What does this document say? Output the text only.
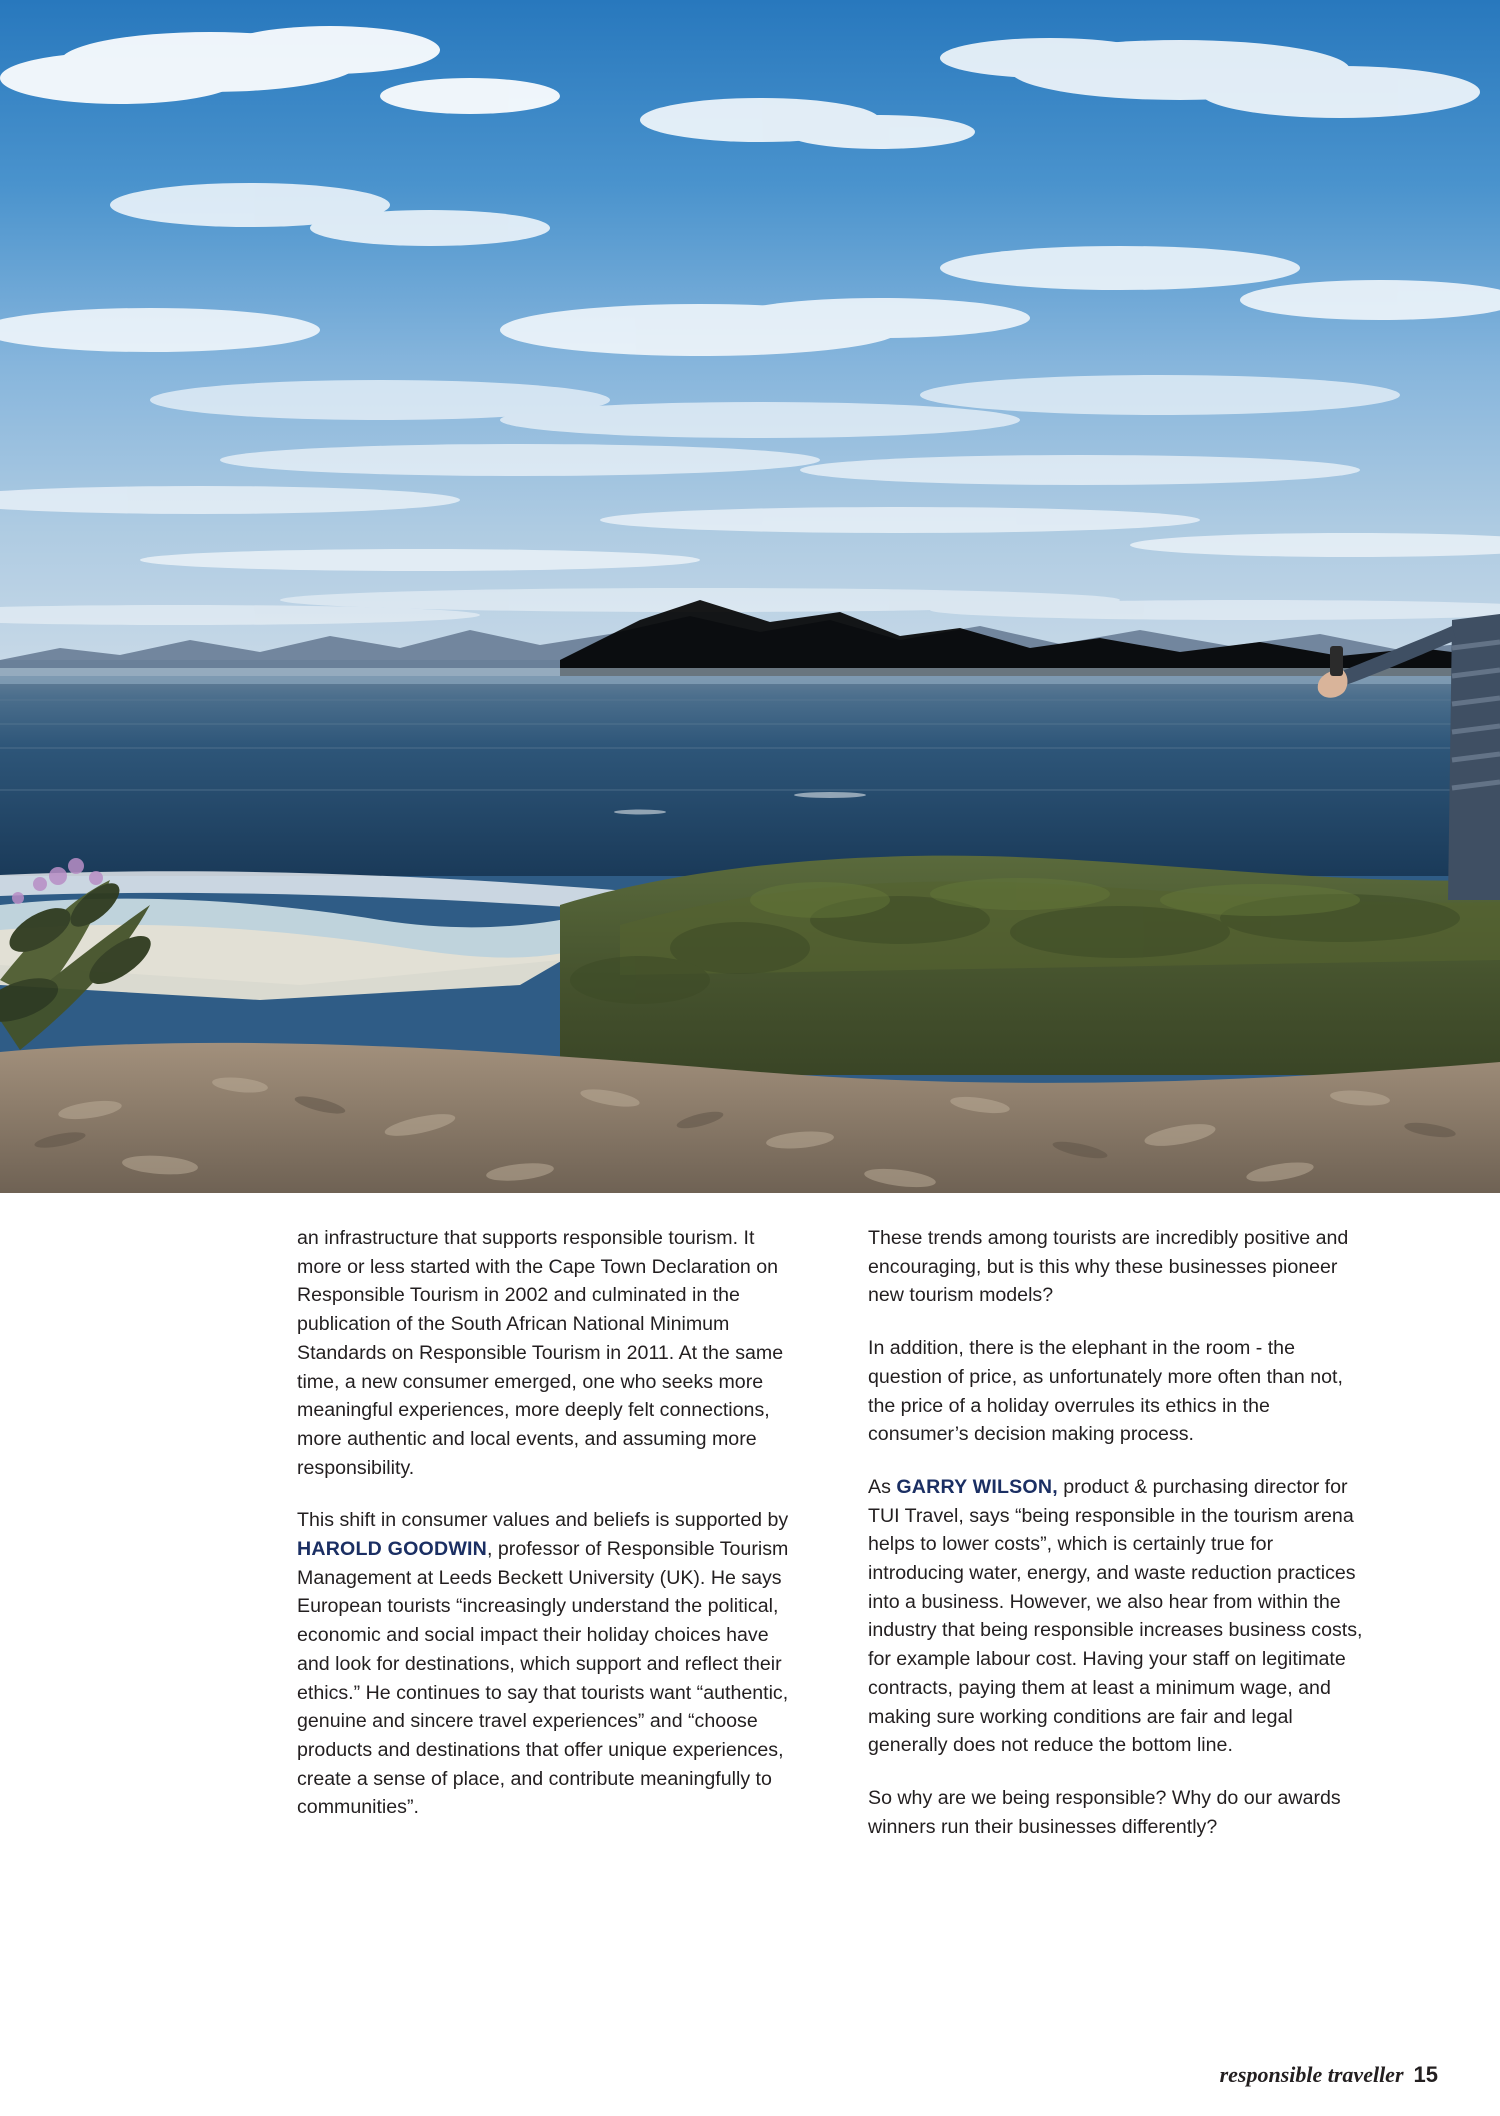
an infrastructure that supports responsible tourism. It more or less started with the Cape Town Declaration on Responsible Tourism in 2002 and culminated in the publication of the South African National Minimum Standards on Responsible Tourism in 2011. At the same time, a new consumer emerged, one who seeks more meaningful experiences, more deeply felt connections, more authentic and local events, and assuming more responsibility.

This shift in consumer values and beliefs is supported by HAROLD GOODWIN, professor of Responsible Tourism Management at Leeds Beckett University (UK). He says European tourists “increasingly understand the political, economic and social impact their holiday choices have and look for destinations, which support and reflect their ethics.” He continues to say that tourists want “authentic, genuine and sincere travel experiences” and “choose products and destinations that offer unique experiences, create a sense of place, and contribute meaningfully to communities”.

These trends among tourists are incredibly positive and encouraging, but is this why these businesses pioneer new tourism models?

In addition, there is the elephant in the room - the question of price, as unfortunately more often than not, the price of a holiday overrules its ethics in the consumer’s decision making process.

As GARRY WILSON, product & purchasing director for TUI Travel, says “being responsible in the tourism arena helps to lower costs”, which is certainly true for introducing water, energy, and waste reduction practices into a business. However, we also hear from within the industry that being responsible increases business costs, for example labour cost. Having your staff on legitimate contracts, paying them at least a minimum wage, and making sure working conditions are fair and legal generally does not reduce the bottom line.

So why are we being responsible? Why do our awards winners run their businesses differently?

responsible traveller 15
